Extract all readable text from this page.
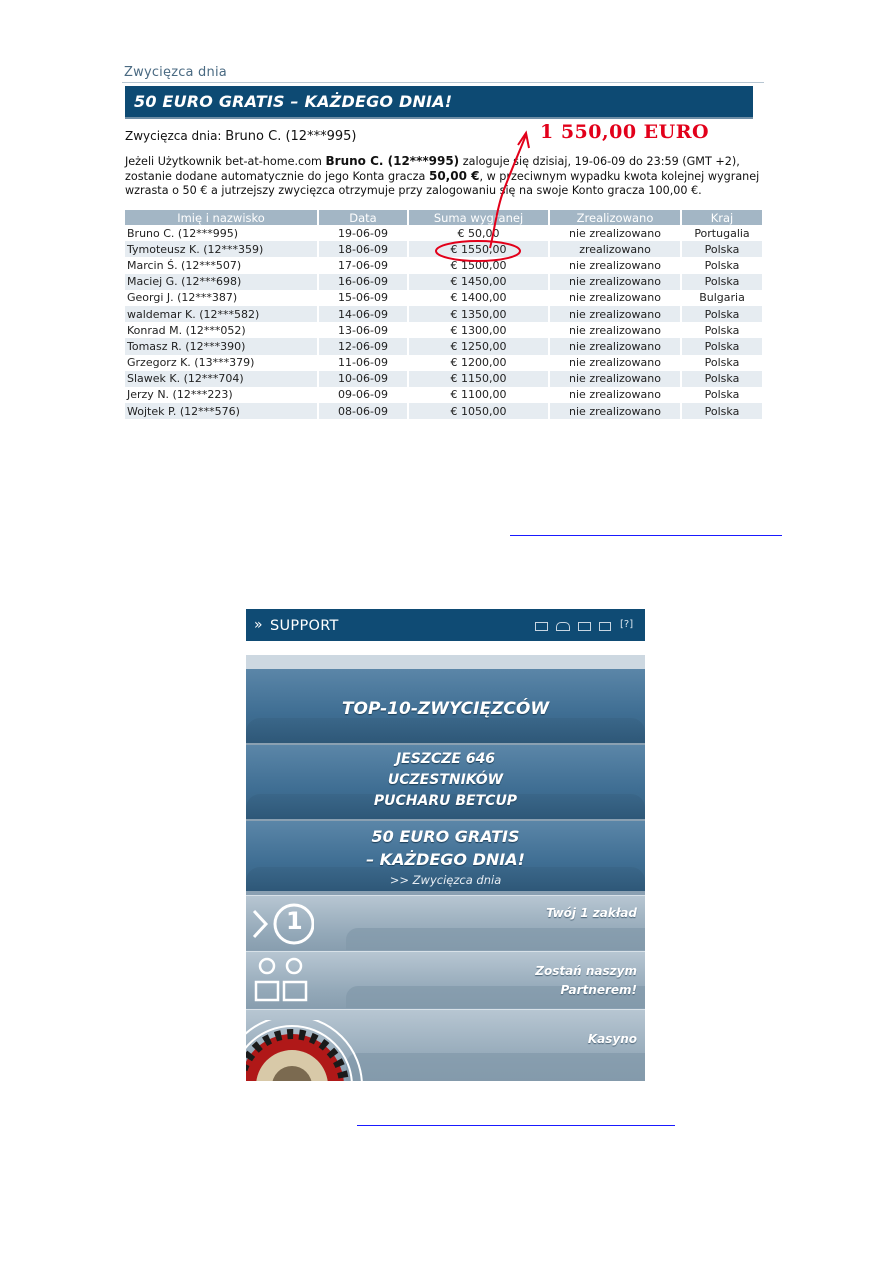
Zwycięzca dnia
50 EURO GRATIS – KAŻDEGO DNIA!
Zwycięzca dnia: Bruno C. (12***995)	1 550,00 EURO
Jeżeli Użytkownik bet-at-home.com Bruno C. (12***995) zaloguje się dzisiaj, 19-06-09 do 23:59 (GMT +2), zostanie dodane automatycznie do jego Konta gracza 50,00 €, w przeciwnym wypadku kwota kolejnej wygranej wzrasta o 50 € a jutrzejszy zwycięzca otrzymuje przy zalogowaniu się na swoje Konto gracza 100,00 €.
Imię i nazwisko	Data	Suma wygranej	Zrealizowano	Kraj
Bruno C. (12***995)	19-06-09	€ 50,00	nie zrealizowano	Portugalia
Tymoteusz K. (12***359)	18-06-09	€ 1550,00	zrealizowano	Polska
Marcin Ś. (12***507)	17-06-09	€ 1500,00	nie zrealizowano	Polska
Maciej G. (12***698)	16-06-09	€ 1450,00	nie zrealizowano	Polska
Georgi J. (12***387)	15-06-09	€ 1400,00	nie zrealizowano	Bulgaria
waldemar K. (12***582)	14-06-09	€ 1350,00	nie zrealizowano	Polska
Konrad M. (12***052)	13-06-09	€ 1300,00	nie zrealizowano	Polska
Tomasz R. (12***390)	12-06-09	€ 1250,00	nie zrealizowano	Polska
Grzegorz K. (13***379)	11-06-09	€ 1200,00	nie zrealizowano	Polska
Slawek K. (12***704)	10-06-09	€ 1150,00	nie zrealizowano	Polska
Jerzy N. (12***223)	09-06-09	€ 1100,00	nie zrealizowano	Polska
Wojtek P. (12***576)	08-06-09	€ 1050,00	nie zrealizowano	Polska
» SUPPORT	[?]
TOP-10-ZWYCIĘZCÓW
JESZCZE 646
UCZESTNIKÓW
PUCHARU BETCUP
50 EURO GRATIS
– KAŻDEGO DNIA!
>> Zwycięzca dnia
1	Twój 1 zakład
Zostań naszym
Partnerem!
Kasyno
